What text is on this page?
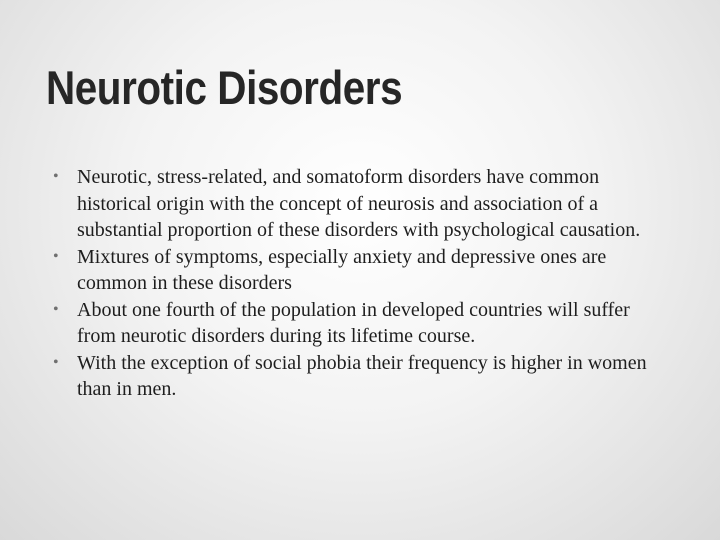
Neurotic Disorders
• Neurotic, stress-related, and somatoform disorders have common historical origin with the concept of neurosis and association of a substantial proportion of these disorders with psychological causation.
• Mixtures of symptoms, especially anxiety and depressive ones are common in these disorders
• About one fourth of the population in developed countries will suffer from neurotic disorders during its lifetime course.
• With the exception of social phobia their frequency is higher in women than in men.
